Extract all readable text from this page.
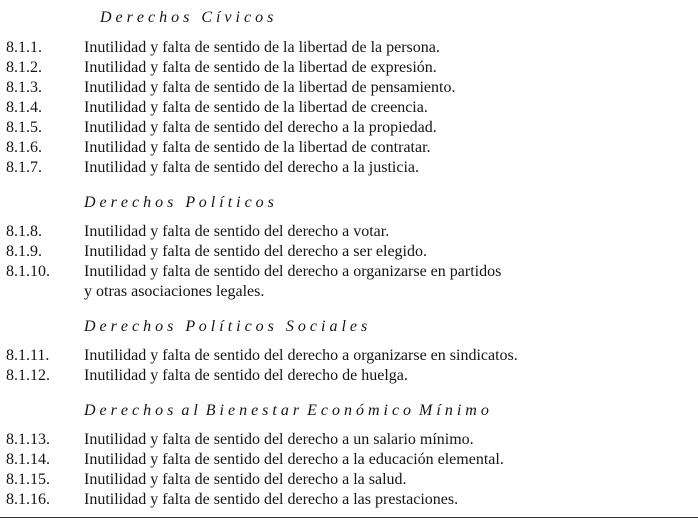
D e r e c h o s   C í v i c o s
8.1.1.	Inutilidad y falta de sentido de la libertad de la persona.
8.1.2.	Inutilidad y falta de sentido de la libertad de expresión.
8.1.3.	Inutilidad y falta de sentido de la libertad de pensamiento.
8.1.4.	Inutilidad y falta de sentido de la libertad de creencia.
8.1.5.	Inutilidad y falta de sentido del derecho a la propiedad.
8.1.6.	Inutilidad y falta de sentido de la libertad de contratar.
8.1.7.	Inutilidad y falta de sentido del derecho a la justicia.
D e r e c h o s   P o l í t i c o s
8.1.8.	Inutilidad y falta de sentido del derecho a votar.
8.1.9.	Inutilidad y falta de sentido del derecho a ser elegido.
8.1.10. Inutilidad y falta de sentido del derecho a organizarse en partidos
y otras asociaciones legales.
D e r e c h o s   P o l í t i c o s   S o c i a l e s
8.1.11. Inutilidad y falta de sentido del derecho a organizarse en sindicatos.
8.1.12. Inutilidad y falta de sentido del derecho de huelga.
D e r e c h o s  a l  B i e n e s t a r  E c o n ó m i c o  M í n i m o
8.1.13. Inutilidad y falta de sentido del derecho a un salario mínimo.
8.1.14. Inutilidad y falta de sentido del derecho a la educación elemental.
8.1.15. Inutilidad y falta de sentido del derecho a la salud.
8.1.16. Inutilidad y falta de sentido del derecho a las prestaciones.
